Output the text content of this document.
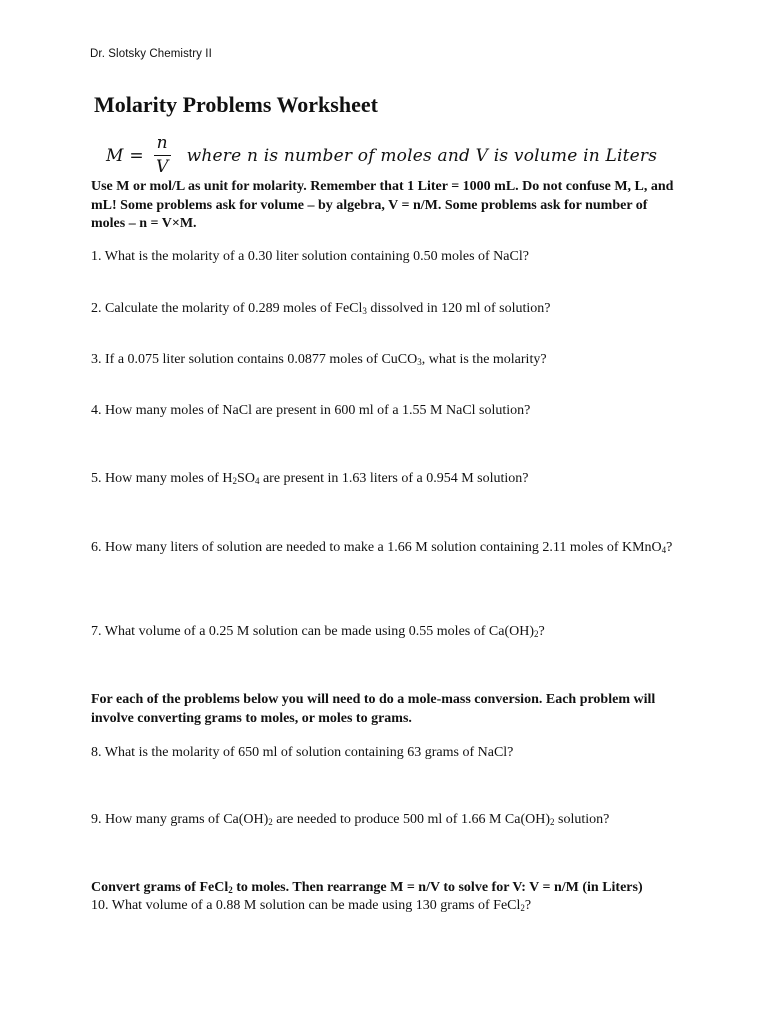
Dr. Slotsky Chemistry II
Molarity Problems Worksheet
$M = \frac{n}{V}$ where n is number of moles and V is volume in Liters
Use M or mol/L as unit for molarity. Remember that 1 Liter = 1000 mL. Do not confuse M, L, and mL! Some problems ask for volume – by algebra, V = n/M. Some problems ask for number of moles – n = V×M.
1. What is the molarity of a 0.30 liter solution containing 0.50 moles of NaCl?
2. Calculate the molarity of 0.289 moles of FeCl$_3$ dissolved in 120 ml of solution?
3. If a 0.075 liter solution contains 0.0877 moles of CuCO$_3$, what is the molarity?
4. How many moles of NaCl are present in 600 ml of a 1.55 M NaCl solution?
5. How many moles of $H_2SO_4$ are present in 1.63 liters of a 0.954 M solution?
6. How many liters of solution are needed to make a 1.66 M solution containing 2.11 moles of KMnO$_4$?
7. What volume of a 0.25 M solution can be made using 0.55 moles of $Ca(OH)_2$?
For each of the problems below you will need to do a mole-mass conversion. Each problem will involve converting grams to moles, or moles to grams.
8. What is the molarity of 650 ml of solution containing 63 grams of NaCl?
9. How many grams of $Ca(OH)_2$ are needed to produce 500 ml of 1.66 M $Ca(OH)_2$ solution?
Convert grams of FeCl$_2$ to moles. Then rearrange M = n/V to solve for V: V = n/M (in Liters)
10. What volume of a 0.88 M solution can be made using 130 grams of FeCl$_2$?
